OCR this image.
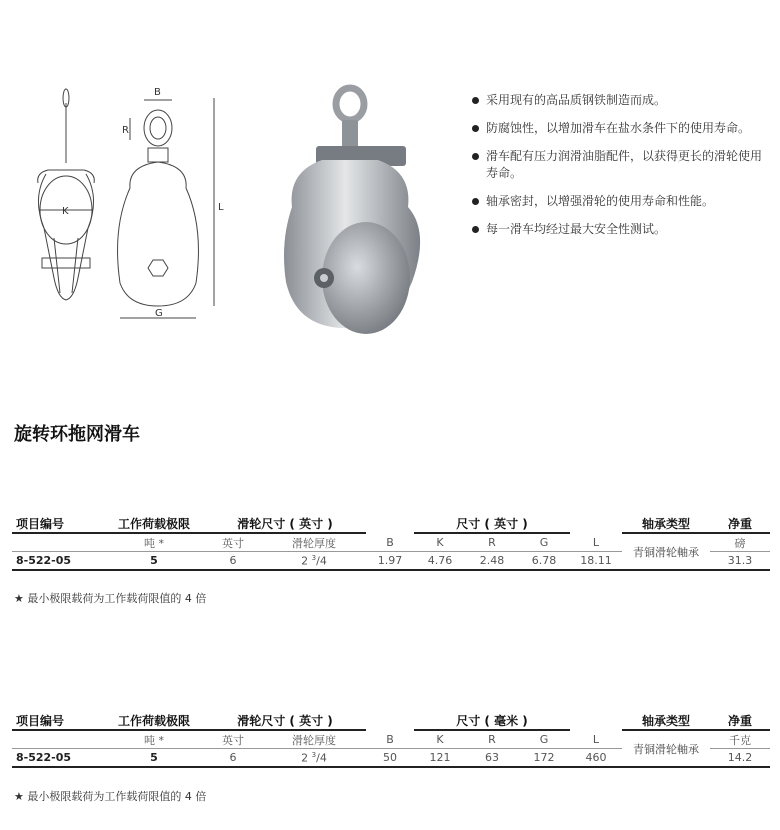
B
R
K	L
G
采用现有的高品质钢铁制造而成。
防腐蚀性，以增加滑车在盐水条件下的使用寿命。
滑车配有压力润滑油脂配件，以获得更长的滑轮使用寿命。
轴承密封，以增强滑轮的使用寿命和性能。
每一滑车均经过最大安全性测试。
旋转环拖网滑车
项目编号	工作荷载极限	滑轮尺寸 ( 英寸 )			尺寸 ( 英寸 )				轴承类型	净重
	吨 *	英寸	滑轮厚度	B	K	R	G	L	青铜滑轮軸承	磅
8-522-05	5	6	2 $^3$/4	1.97	4.76	2.48	6.78	18.11		31.3

★ 最小极限载荷为工作载荷限值的 4 倍

项目编号	工作荷载极限	滑轮尺寸 ( 英寸 )			尺寸 ( 毫米 )				轴承类型	净重
	吨 *	英寸	滑轮厚度	B	K	R	G	L	青铜滑轮軸承	千克
8-522-05	5	6	2 $^3$/4	50	121	63	172	460		14.2

★ 最小极限载荷为工作载荷限值的 4 倍
